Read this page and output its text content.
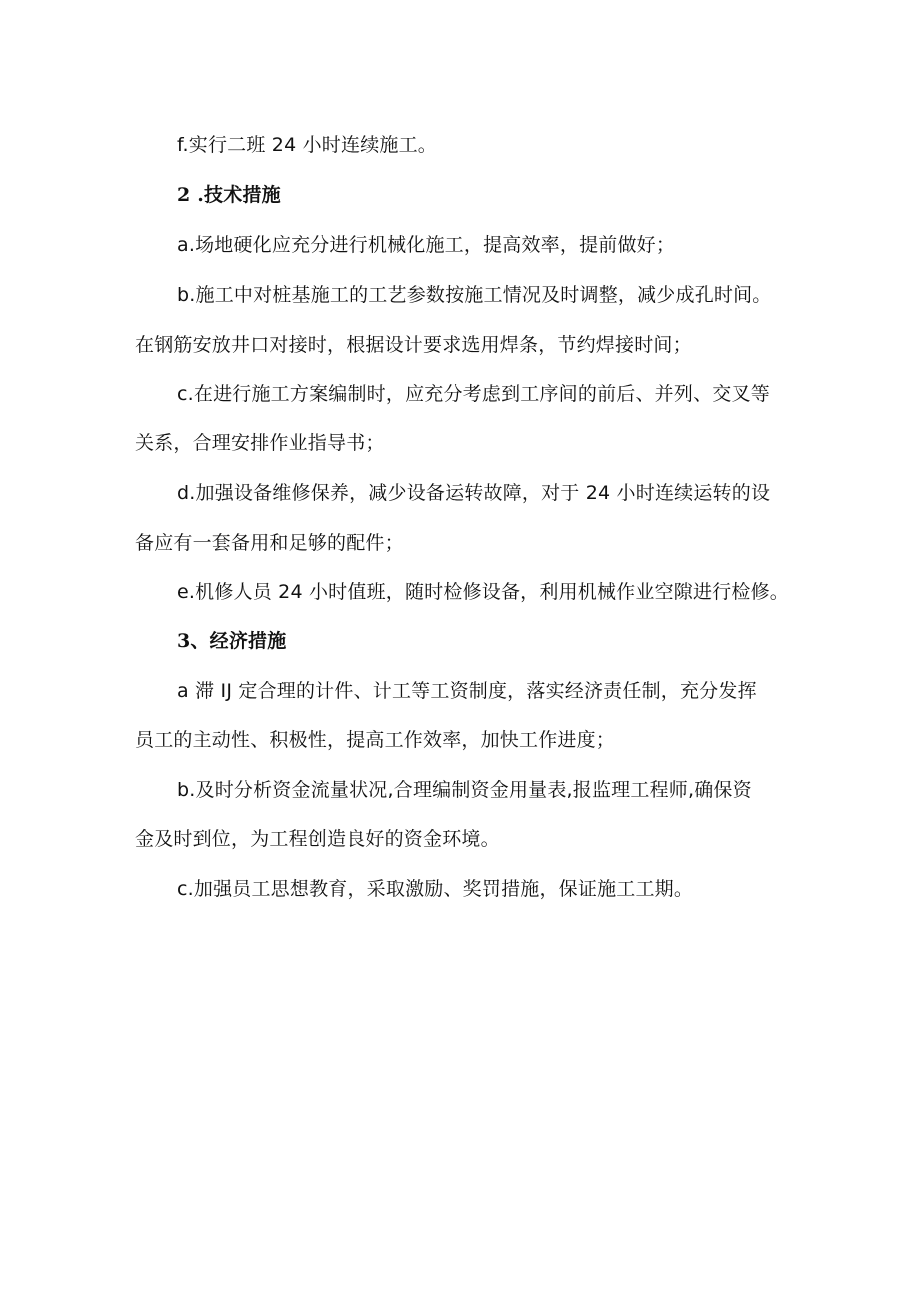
f.实行二班 24 小时连续施工。
2 .技术措施
a.场地硬化应充分进行机械化施工，提高效率，提前做好；
b.施工中对桩基施工的工艺参数按施工情况及时调整，减少成孔时间。
在钢筋安放井口对接时，根据设计要求选用焊条，节约焊接时间；
c.在进行施工方案编制时，应充分考虑到工序间的前后、并列、交叉等
关系，合理安排作业指导书；
d.加强设备维修保养，减少设备运转故障，对于 24 小时连续运转的设
备应有一套备用和足够的配件；
e.机修人员 24 小时值班，随时检修设备，利用机械作业空隙进行检修。
3、经济措施
a 滞 IJ 定合理的计件、计工等工资制度，落实经济责任制，充分发挥
员工的主动性、积极性，提高工作效率，加快工作进度；
b.及时分析资金流量状况,合理编制资金用量表,报监理工程师,确保资
金及时到位，为工程创造良好的资金环境。
c.加强员工思想教育，采取激励、奖罚措施，保证施工工期。
